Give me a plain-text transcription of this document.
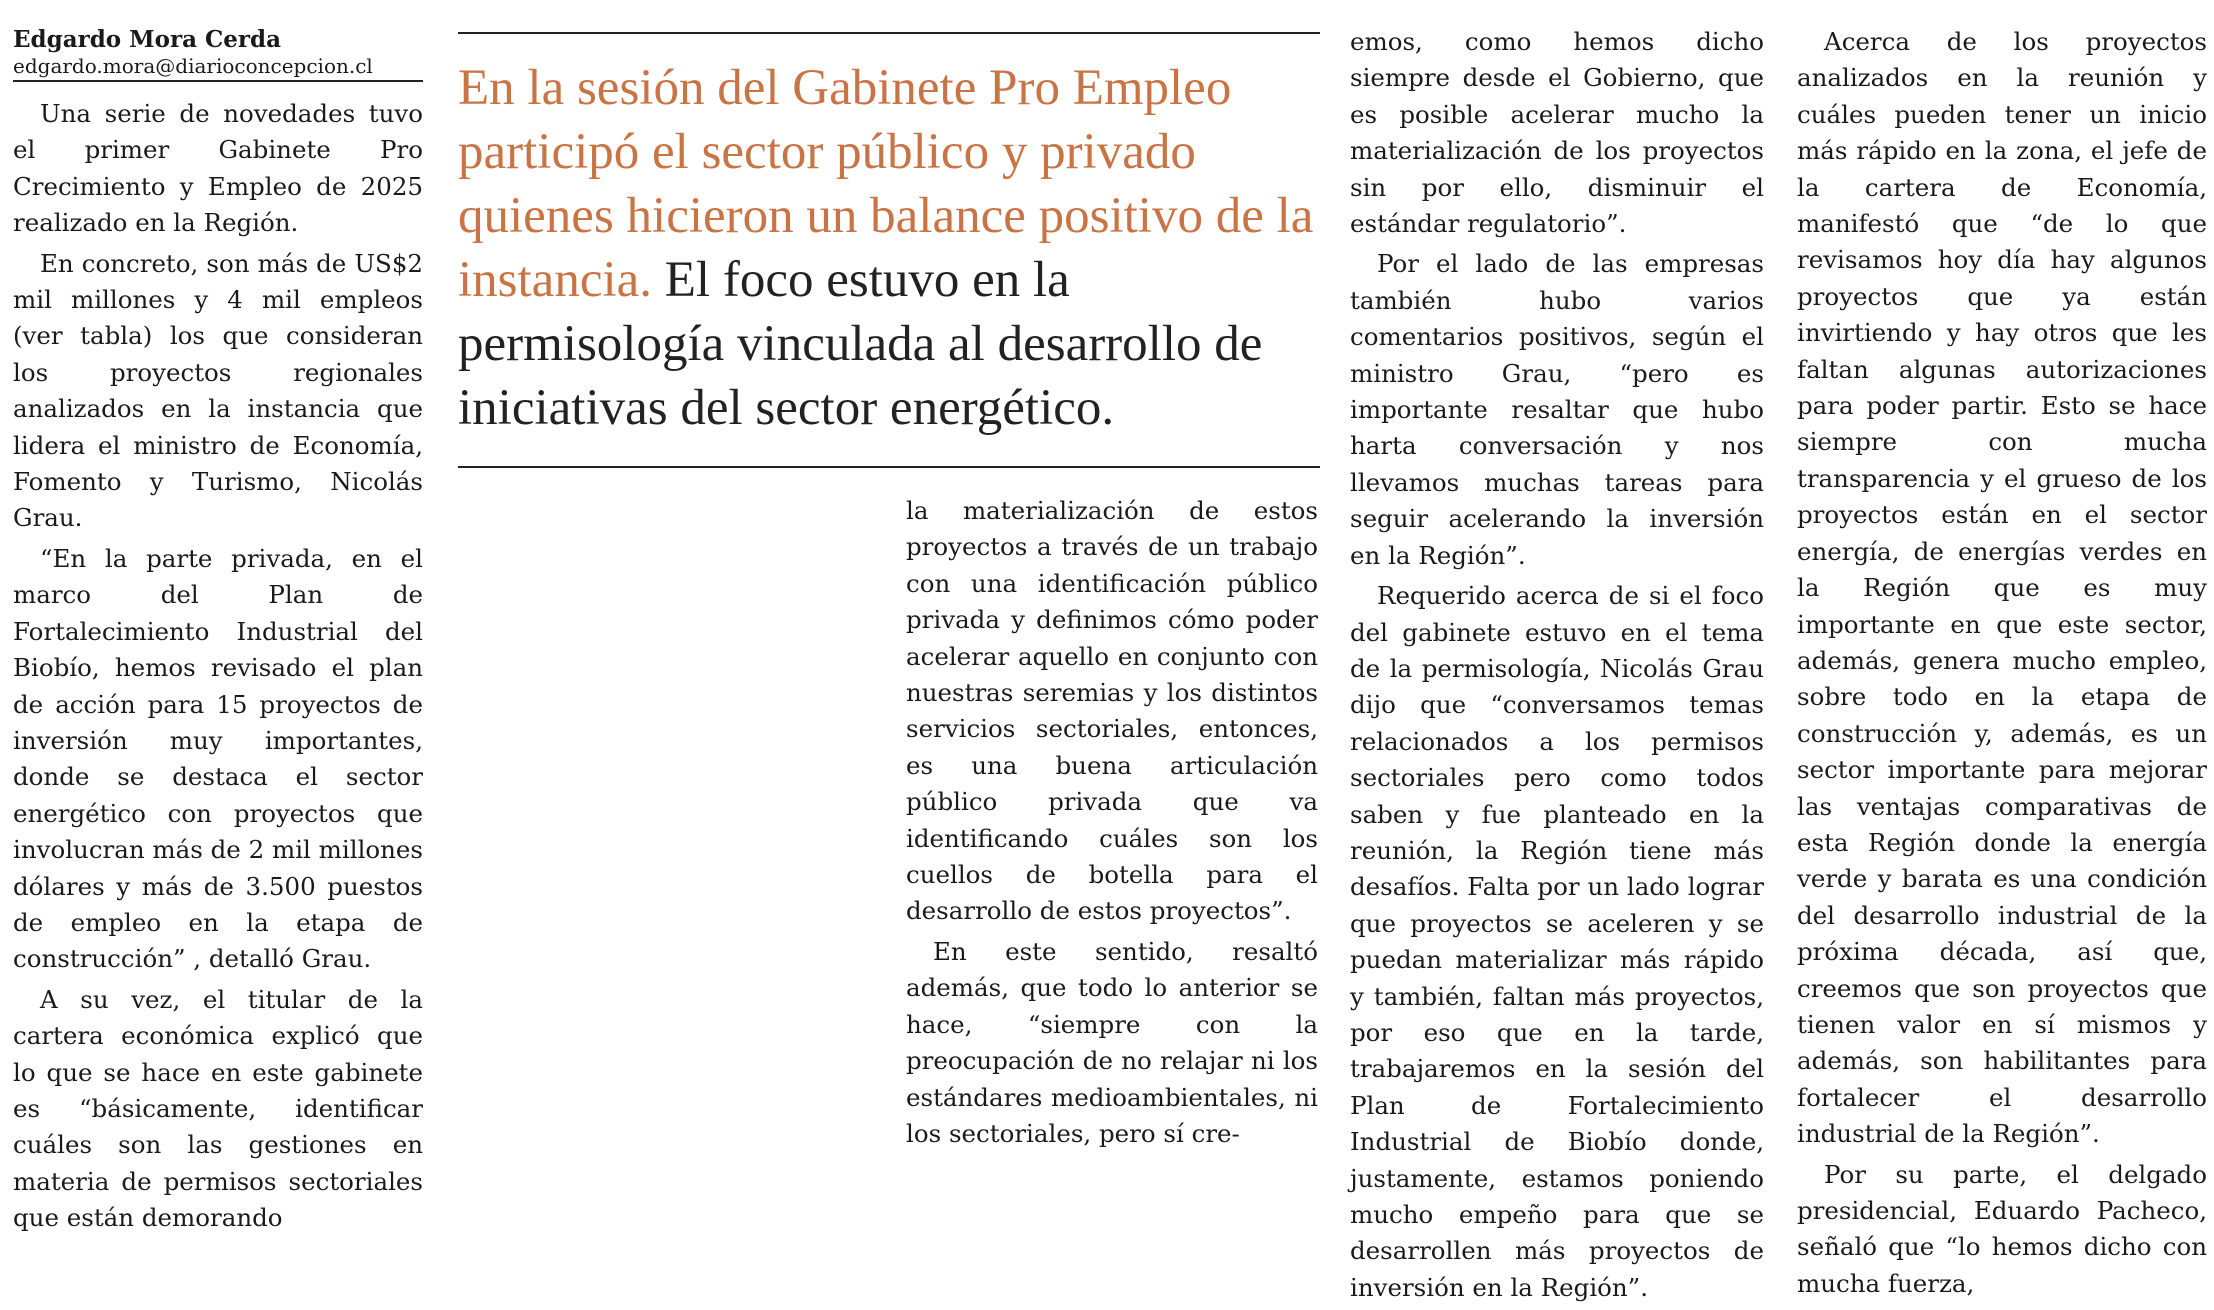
Edgardo Mora Cerda
edgardo.mora@diarioconcepcion.cl	En la sesión del Gabinete Pro Empleo participó el sector público y privado quienes hicieron un balance positivo de la instancia. El foco estuvo en la permisología vinculada al desarrollo de iniciativas del sector energético.

Una serie de novedades tuvo el primer Gabinete Pro Crecimiento y Empleo de 2025 realizado en la Región.

En concreto, son más de US$2 mil millones y 4 mil empleos (ver tabla) los que consideran los proyectos regionales analizados en la instancia que lidera el ministro de Economía, Fomento y Turismo, Nicolás Grau.

“En la parte privada, en el marco del Plan de Fortalecimiento Industrial del Biobío, hemos revisado el plan de acción para 15 proyectos de inversión muy importantes, donde se destaca el sector energético con proyectos que involucran más de 2 mil millones dólares y más de 3.500 puestos de empleo en la etapa de construcción” , detalló Grau.

A su vez, el titular de la cartera económica explicó que lo que se hace en este gabinete es “básicamente, identificar cuáles son las gestiones en materia de permisos sectoriales que están demorando

la materialización de estos proyectos a través de un trabajo con una identificación público privada y definimos cómo poder acelerar aquello en conjunto con nuestras seremias y los distintos servicios sectoriales, entonces, es una buena articulación público privada que va identificando cuáles son los cuellos de botella para el desarrollo de estos proyectos”.

En este sentido, resaltó además, que todo lo anterior se hace, “siempre con la preocupación de no relajar ni los estándares medioambientales, ni los sectoriales, pero sí cre-

emos, como hemos dicho siempre desde el Gobierno, que es posible acelerar mucho la materialización de los proyectos sin por ello, disminuir el estándar regulatorio”.

Por el lado de las empresas también hubo varios comentarios positivos, según el ministro Grau, “pero es importante resaltar que hubo harta conversación y nos llevamos muchas tareas para seguir acelerando la inversión en la Región”.

Requerido acerca de si el foco del gabinete estuvo en el tema de la permisología, Nicolás Grau dijo que “conversamos temas relacionados a los permisos sectoriales pero como todos saben y fue planteado en la reunión, la Región tiene más desafíos. Falta por un lado lograr que proyectos se aceleren y se puedan materializar más rápido y también, faltan más proyectos, por eso que en la tarde, trabajaremos en la sesión del Plan de Fortalecimiento Industrial de Biobío donde, justamente, estamos poniendo mucho empeño para que se desarrollen más proyectos de inversión en la Región”.

Acerca de los proyectos analizados en la reunión y cuáles pueden tener un inicio más rápido en la zona, el jefe de la cartera de Economía, manifestó que “de lo que revisamos hoy día hay algunos proyectos que ya están invirtiendo y hay otros que les faltan algunas autorizaciones para poder partir. Esto se hace siempre con mucha transparencia y el grueso de los proyectos están en el sector energía, de energías verdes en la Región que es muy importante en que este sector, además, genera mucho empleo, sobre todo en la etapa de construcción y, además, es un sector importante para mejorar las ventajas comparativas de esta Región donde la energía verde y barata es una condición del desarrollo industrial de la próxima década, así que, creemos que son proyectos que tienen valor en sí mismos y además, son habilitantes para fortalecer el desarrollo industrial de la Región”.

Por su parte, el delgado presidencial, Eduardo Pacheco, señaló que “lo hemos dicho con mucha fuerza,
